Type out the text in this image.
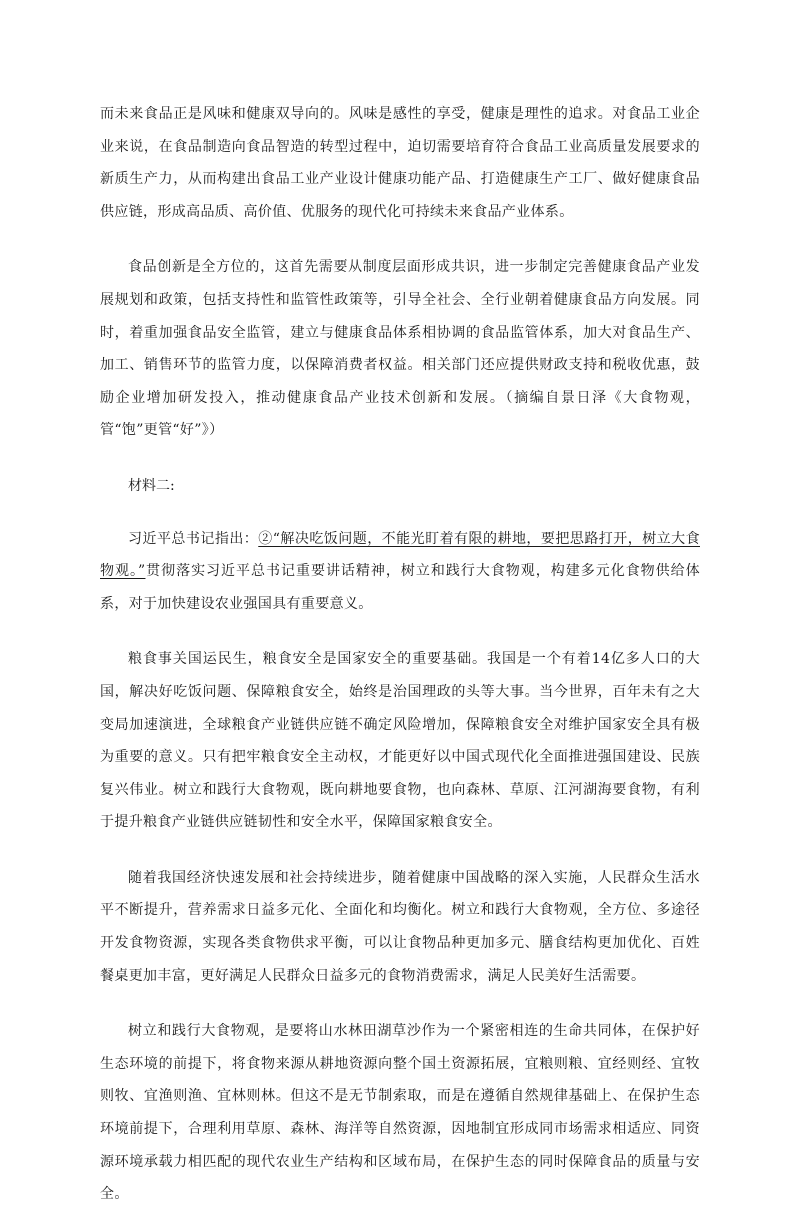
而未来食品正是风味和健康双导向的。风味是感性的享受，健康是理性的追求。对食品工业企业来说，在食品制造向食品智造的转型过程中，迫切需要培育符合食品工业高质量发展要求的新质生产力，从而构建出食品工业产业设计健康功能产品、打造健康生产工厂、做好健康食品供应链，形成高品质、高价值、优服务的现代化可持续未来食品产业体系。

食品创新是全方位的，这首先需要从制度层面形成共识，进一步制定完善健康食品产业发展规划和政策，包括支持性和监管性政策等，引导全社会、全行业朝着健康食品方向发展。同时，着重加强食品安全监管，建立与健康食品体系相协调的食品监管体系，加大对食品生产、加工、销售环节的监管力度，以保障消费者权益。相关部门还应提供财政支持和税收优惠，鼓励企业增加研发投入，推动健康食品产业技术创新和发展。（摘编自景日泽《大食物观，管“饱”更管“好”》）

材料二:

习近平总书记指出：②“解决吃饭问题，不能光盯着有限的耕地，要把思路打开，树立大食物观。”贯彻落实习近平总书记重要讲话精神，树立和践行大食物观，构建多元化食物供给体系，对于加快建设农业强国具有重要意义。

粮食事关国运民生，粮食安全是国家安全的重要基础。我国是一个有着14亿多人口的大国，解决好吃饭问题、保障粮食安全，始终是治国理政的头等大事。当今世界，百年未有之大变局加速演进，全球粮食产业链供应链不确定风险增加，保障粮食安全对维护国家安全具有极为重要的意义。只有把牢粮食安全主动权，才能更好以中国式现代化全面推进强国建设、民族复兴伟业。树立和践行大食物观，既向耕地要食物，也向森林、草原、江河湖海要食物，有利于提升粮食产业链供应链韧性和安全水平，保障国家粮食安全。

随着我国经济快速发展和社会持续进步，随着健康中国战略的深入实施，人民群众生活水平不断提升，营养需求日益多元化、全面化和均衡化。树立和践行大食物观，全方位、多途径开发食物资源，实现各类食物供求平衡，可以让食物品种更加多元、膳食结构更加优化、百姓餐桌更加丰富，更好满足人民群众日益多元的食物消费需求，满足人民美好生活需要。

树立和践行大食物观，是要将山水林田湖草沙作为一个紧密相连的生命共同体，在保护好生态环境的前提下，将食物来源从耕地资源向整个国土资源拓展，宜粮则粮、宜经则经、宜牧则牧、宜渔则渔、宜林则林。但这不是无节制索取，而是在遵循自然规律基础上、在保护生态环境前提下，合理利用草原、森林、海洋等自然资源，因地制宜形成同市场需求相适应、同资源环境承载力相匹配的现代农业生产结构和区域布局，在保护生态的同时保障食品的质量与安全。
